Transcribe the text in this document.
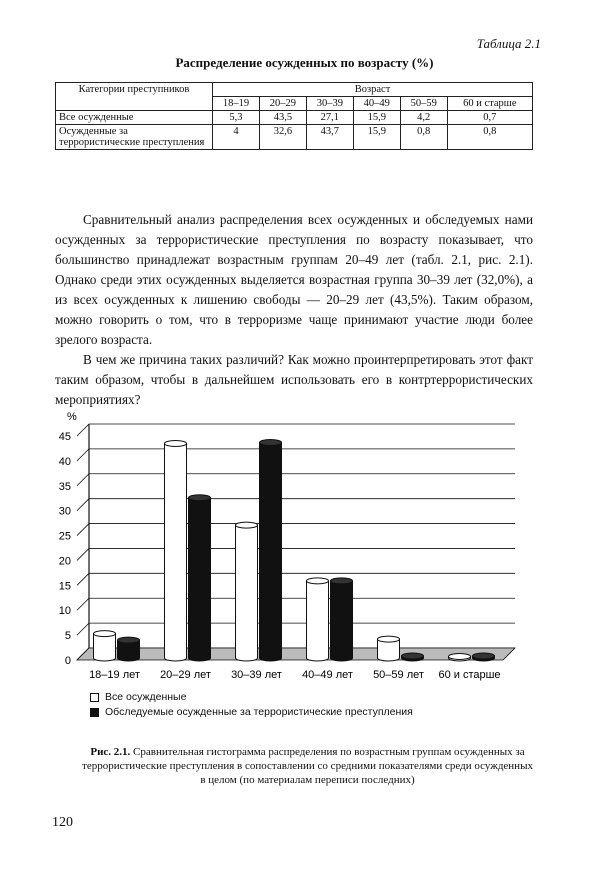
Таблица 2.1
Распределение осужденных по возрасту (%)
Категории преступников	Возраст					
	18–19	20–29	30–39	40–49	50–59	60 и старше
Все осужденные	5,3	43,5	27,1	15,9	4,2	0,7
Осужденные за террористические преступления	4	32,6	43,7	15,9	0,8	0,8

Сравнительный анализ распределения всех осужденных и обследуемых нами осужденных за террористические преступления по возрасту показывает, что большинство принадлежат возрастным группам 20–49 лет (табл. 2.1, рис. 2.1). Однако среди этих осужденных выделяется возрастная группа 30–39 лет (32,0%), а из всех осужденных к лишению свободы — 20–29 лет (43,5%). Таким образом, можно говорить о том, что в терроризме чаще принимают участие люди более зрелого возраста.

В чем же причина таких различий? Как можно проинтерпретировать этот факт таким образом, чтобы в дальнейшем использовать его в контртеррористических мероприятиях?

%
0
5
10
15
20
25
30
35
40
45
18–19 лет 20–29 лет 30–39 лет 40–49 лет 50–59 лет 60 и старше
Все осужденные
Обследуемые осужденные за террористические преступления
Рис. 2.1. Сравнительная гистограмма распределения по возрастным группам осужденных за террористические преступления в сопоставлении со средними показателями среди осужденных в целом (по материалам переписи последних)
120
